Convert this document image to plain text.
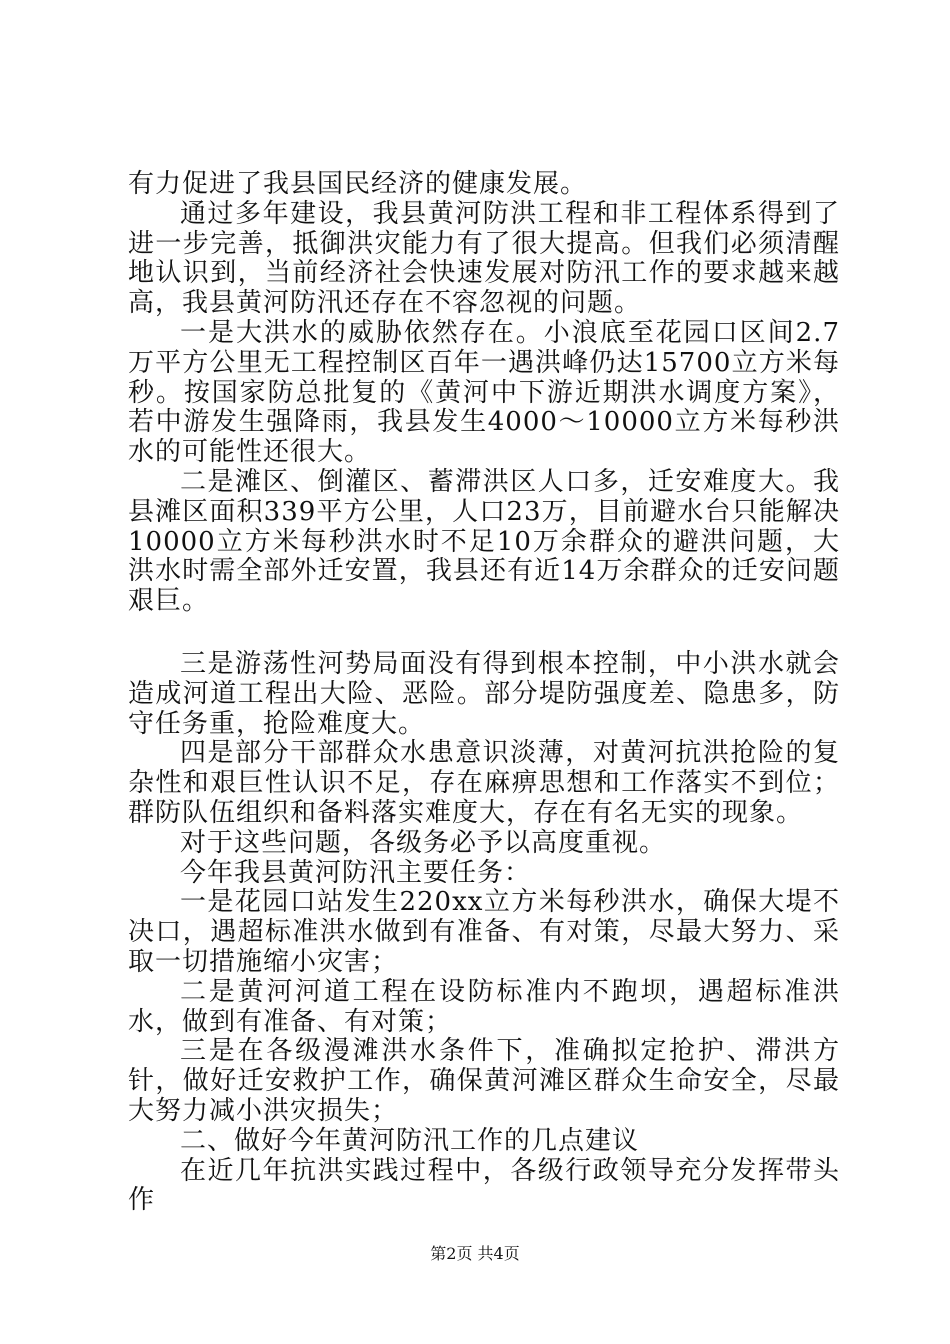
有力促进了我县国民经济的健康发展。

通过多年建设，我县黄河防洪工程和非工程体系得到了进一步完善，抵御洪灾能力有了很大提高。但我们必须清醒地认识到，当前经济社会快速发展对防汛工作的要求越来越高，我县黄河防汛还存在不容忽视的问题。

一是大洪水的威胁依然存在。小浪底至花园口区间2.7万平方公里无工程控制区百年一遇洪峰仍达15700立方米每秒。按国家防总批复的《黄河中下游近期洪水调度方案》，若中游发生强降雨，我县发生4000～10000立方米每秒洪水的可能性还很大。

二是滩区、倒灌区、蓄滞洪区人口多，迁安难度大。我县滩区面积339平方公里，人口23万，目前避水台只能解决10000立方米每秒洪水时不足10万余群众的避洪问题，大洪水时需全部外迁安置，我县还有近14万余群众的迁安问题艰巨。

三是游荡性河势局面没有得到根本控制，中小洪水就会造成河道工程出大险、恶险。部分堤防强度差、隐患多，防守任务重，抢险难度大。

四是部分干部群众水患意识淡薄，对黄河抗洪抢险的复杂性和艰巨性认识不足，存在麻痹思想和工作落实不到位；群防队伍组织和备料落实难度大，存在有名无实的现象。

对于这些问题，各级务必予以高度重视。

今年我县黄河防汛主要任务：

一是花园口站发生220xx立方米每秒洪水，确保大堤不决口，遇超标准洪水做到有准备、有对策，尽最大努力、采取一切措施缩小灾害；

二是黄河河道工程在设防标准内不跑坝，遇超标准洪水，做到有准备、有对策；

三是在各级漫滩洪水条件下，准确拟定抢护、滞洪方针，做好迁安救护工作，确保黄河滩区群众生命安全，尽最大努力减小洪灾损失；

二、做好今年黄河防汛工作的几点建议

在近几年抗洪实践过程中，各级行政领导充分发挥带头作

第2页 共4页
